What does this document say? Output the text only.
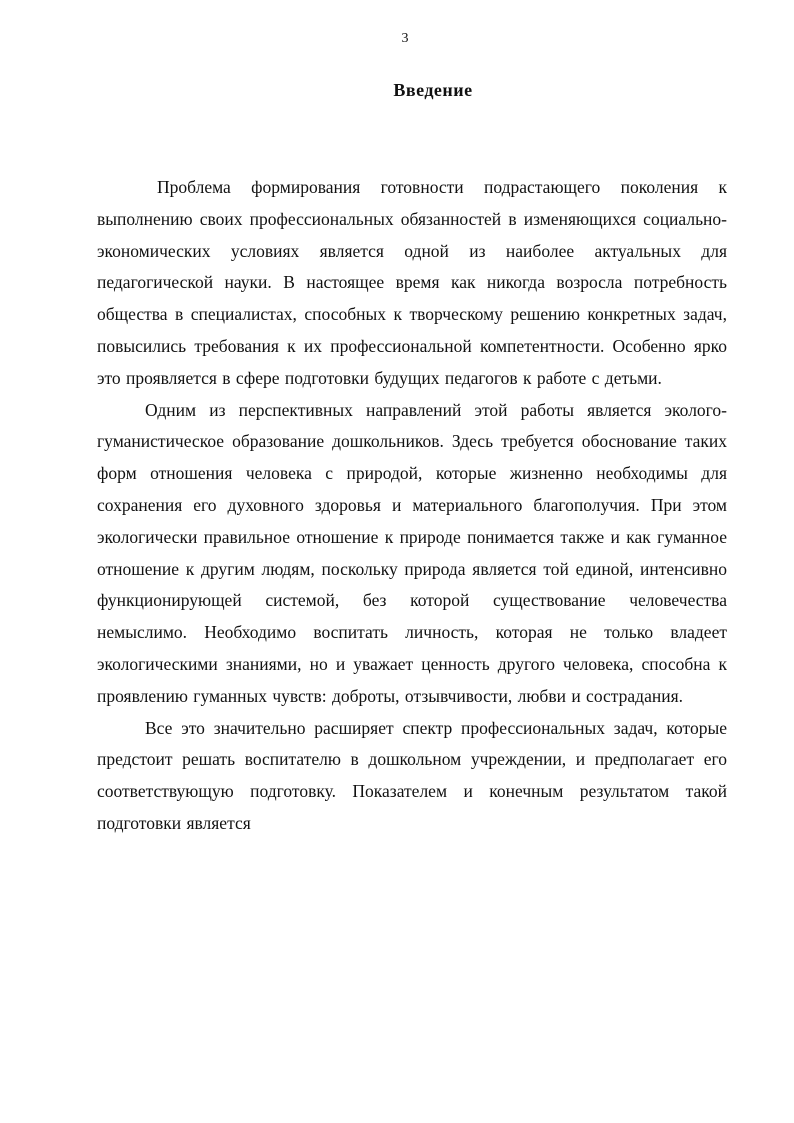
3
Введение

Проблема формирования готовности подрастающего поколения к выполнению своих профессиональных обязанностей в изменяющихся социально-экономических условиях является одной из наиболее актуальных для педагогической науки. В настоящее время как никогда возросла потребность общества в специалистах, способных к творческому решению конкретных задач, повысились требования к их профессиональной компетентности. Особенно ярко это проявляется в сфере подготовки будущих педагогов к работе с детьми.

Одним из перспективных направлений этой работы является эколого-гуманистическое образование дошкольников. Здесь требуется обоснование таких форм отношения человека с природой, которые жизненно необходимы для сохранения его духовного здоровья и материального благополучия. При этом экологически правильное отношение к природе понимается также и как гуманное отношение к другим людям, поскольку природа является той единой, интенсивно функционирующей системой, без которой существование человечества немыслимо. Необходимо воспитать личность, которая не только владеет экологическими знаниями, но и уважает ценность другого человека, способна к проявлению гуманных чувств: доброты, отзывчивости, любви и сострадания.

Все это значительно расширяет спектр профессиональных задач, которые предстоит решать воспитателю в дошкольном учреждении, и предполагает его соответствующую подготовку. Показателем и конечным результатом такой подготовки является
